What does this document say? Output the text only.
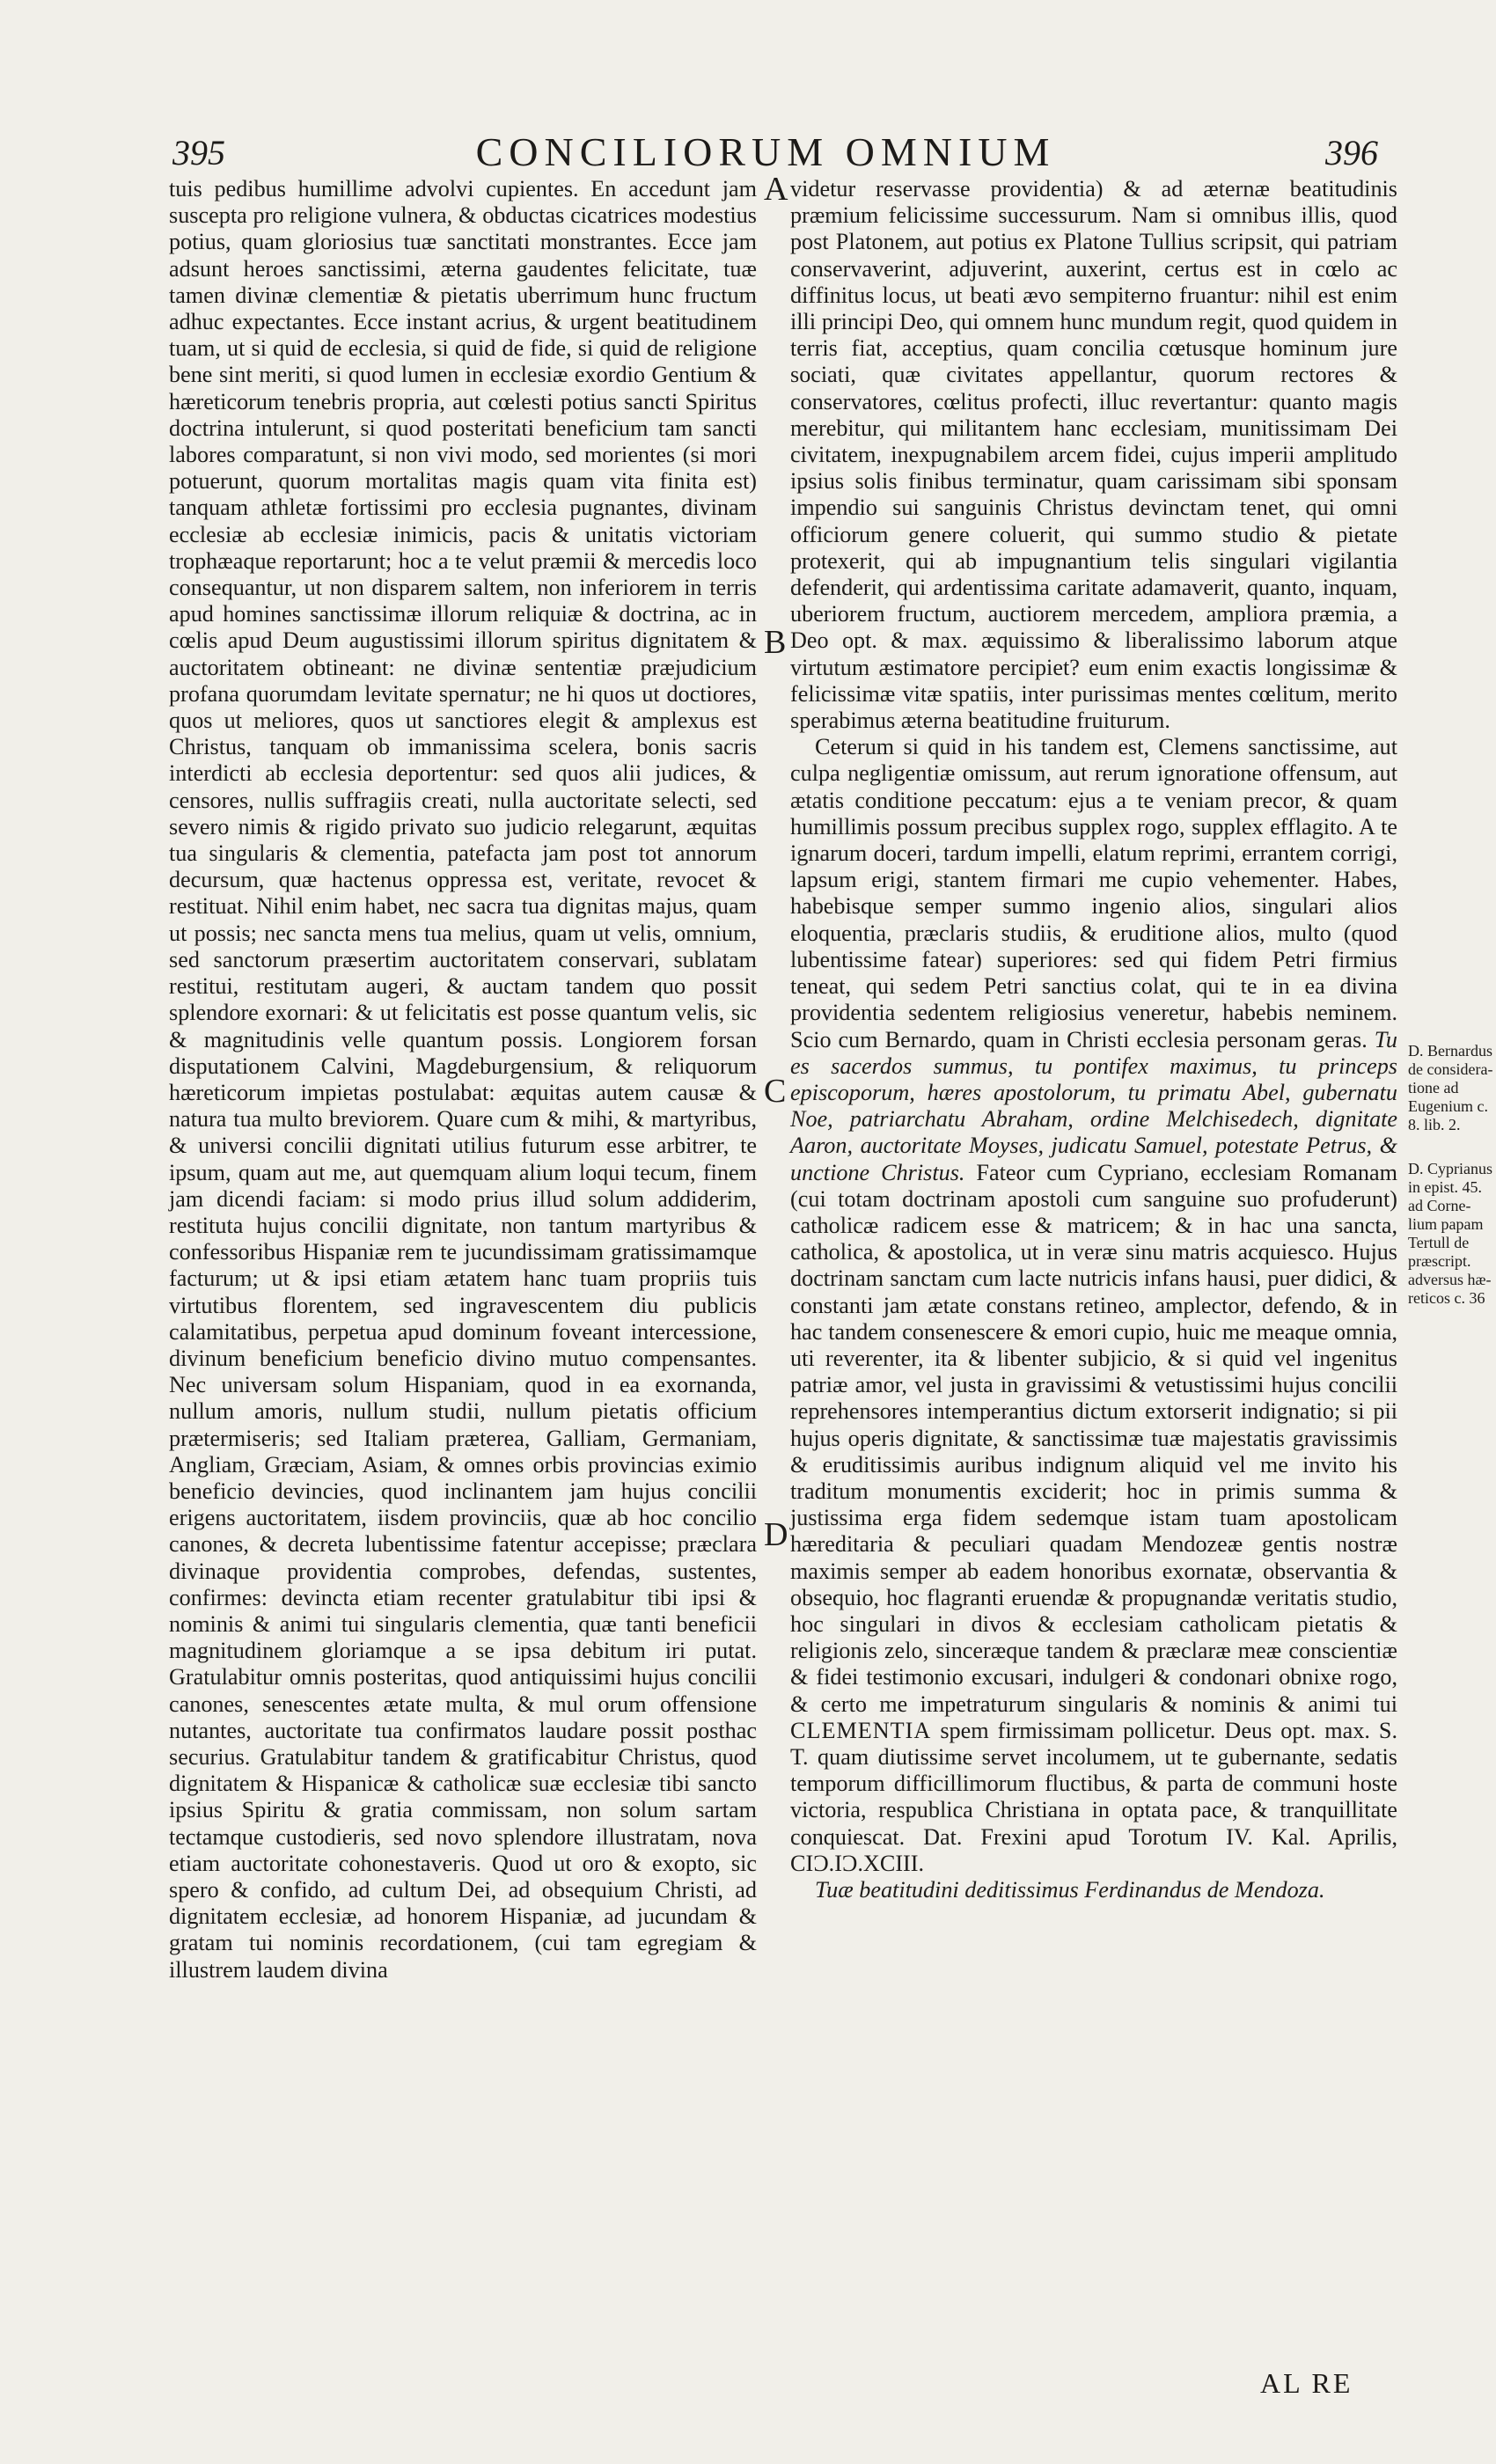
395	CONCILIORUM OMNIUM	396

tuis pedibus humillime advolvi cupientes. En accedunt jam suscepta pro religione vulnera, & obductas cicatrices modestius potius, quam gloriosius tuæ sanctitati monstrantes. Ecce jam adsunt heroes sanctissimi, æterna gaudentes felicitate, tuæ tamen divinæ clementiæ & pietatis uberrimum hunc fructum adhuc expectantes. Ecce instant acrius, & urgent beatitudinem tuam, ut si quid de ecclesia, si quid de fide, si quid de religione bene sint meriti, si quod lumen in ecclesiæ exordio Gentium & hæreticorum tenebris propria, aut cœlesti potius sancti Spiritus doctrina intulerunt, si quod posteritati beneficium tam sancti labores comparatunt, si non vivi modo, sed morientes (si mori potuerunt, quorum mortalitas magis quam vita finita est) tanquam athletæ fortissimi pro ecclesia pugnantes, divinam ecclesiæ ab ecclesiæ inimicis, pacis & unitatis victoriam trophæaque reportarunt; hoc a te velut præmii & mercedis loco consequantur, ut non disparem saltem, non inferiorem in terris apud homines sanctissimæ illorum reliquiæ & doctrina, ac in cœlis apud Deum augustissimi illorum spiritus dignitatem & auctoritatem obtineant: ne divinæ sententiæ præjudicium profana quorumdam levitate spernatur; ne hi quos ut doctiores, quos ut meliores, quos ut sanctiores elegit & amplexus est Christus, tanquam ob immanissima scelera, bonis sacris interdicti ab ecclesia deportentur: sed quos alii judices, & censores, nullis suffragiis creati, nulla auctoritate selecti, sed severo nimis & rigido privato suo judicio relegarunt, æquitas tua singularis & clementia, patefacta jam post tot annorum decursum, quæ hactenus oppressa est, veritate, revocet & restituat. Nihil enim habet, nec sacra tua dignitas majus, quam ut possis; nec sancta mens tua melius, quam ut velis, omnium, sed sanctorum præsertim auctoritatem conservari, sublatam restitui, restitutam augeri, & auctam tandem quo possit splendore exornari: & ut felicitatis est posse quantum velis, sic & magnitudinis velle quantum possis. Longiorem forsan disputationem Calvini, Magdeburgensium, & reliquorum hæreticorum impietas postulabat: æquitas autem causæ & natura tua multo breviorem. Quare cum & mihi, & martyribus, & universi concilii dignitati utilius futurum esse arbitrer, te ipsum, quam aut me, aut quemquam alium loqui tecum, finem jam dicendi faciam: si modo prius illud solum addiderim, restituta hujus concilii dignitate, non tantum martyribus & confessoribus Hispaniæ rem te jucundissimam gratissimamque facturum; ut & ipsi etiam ætatem hanc tuam propriis tuis virtutibus florentem, sed ingravescentem diu publicis calamitatibus, perpetua apud dominum foveant intercessione, divinum beneficium beneficio divino mutuo compensantes. Nec universam solum Hispaniam, quod in ea exornanda, nullum amoris, nullum studii, nullum pietatis officium prætermiseris; sed Italiam præterea, Galliam, Germaniam, Angliam, Græciam, Asiam, & omnes orbis provincias eximio beneficio devincies, quod inclinantem jam hujus concilii erigens auctoritatem, iisdem provinciis, quæ ab hoc concilio canones, & decreta lubentissime fatentur accepisse; præclara divinaque providentia comprobes, defendas, sustentes, confirmes: devincta etiam recenter gratulabitur tibi ipsi & nominis & animi tui singularis clementia, quæ tanti beneficii magnitudinem gloriamque a se ipsa debitum iri putat. Gratulabitur omnis posteritas, quod antiquissimi hujus concilii canones, senescentes ætate multa, & mul orum offensione nutantes, auctoritate tua confirmatos laudare possit posthac securius. Gratulabitur tandem & gratificabitur Christus, quod dignitatem & Hispanicæ & catholicæ suæ ecclesiæ tibi sancto ipsius Spiritu & gratia commissam, non solum sartam tectamque custodieris, sed novo splendore illustratam, nova etiam auctoritate cohonestaveris. Quod ut oro & exopto, sic spero & confido, ad cultum Dei, ad obsequium Christi, ad dignitatem ecclesiæ, ad honorem Hispaniæ, ad jucundam & gratam tui nominis recordationem, (cui tam egregiam & illustrem laudem divina

videtur reservasse providentia) & ad æternæ beatitudinis præmium felicissime successurum. Nam si omnibus illis, quod post Platonem, aut potius ex Platone Tullius scripsit, qui patriam conservaverint, adjuverint, auxerint, certus est in cœlo ac diffinitus locus, ut beati ævo sempiterno fruantur: nihil est enim illi principi Deo, qui omnem hunc mundum regit, quod quidem in terris fiat, acceptius, quam concilia cœtusque hominum jure sociati, quæ civitates appellantur, quorum rectores & conservatores, cœlitus profecti, illuc revertantur: quanto magis merebitur, qui militantem hanc ecclesiam, munitissimam Dei civitatem, inexpugnabilem arcem fidei, cujus imperii amplitudo ipsius solis finibus terminatur, quam carissimam sibi sponsam impendio sui sanguinis Christus devinctam tenet, qui omni officiorum genere coluerit, qui summo studio & pietate protexerit, qui ab impugnantium telis singulari vigilantia defenderit, qui ardentissima caritate adamaverit, quanto, inquam, uberiorem fructum, auctiorem mercedem, ampliora præmia, a Deo opt. & max. æquissimo & liberalissimo laborum atque virtutum æstimatore percipiet? eum enim exactis longissimæ & felicissimæ vitæ spatiis, inter purissimas mentes cœlitum, merito sperabimus æterna beatitudine fruiturum.

Ceterum si quid in his tandem est, Clemens sanctissime, aut culpa negligentiæ omissum, aut rerum ignoratione offensum, aut ætatis conditione peccatum: ejus a te veniam precor, & quam humillimis possum precibus supplex rogo, supplex efflagito. A te ignarum doceri, tardum impelli, elatum reprimi, errantem corrigi, lapsum erigi, stantem firmari me cupio vehementer. Habes, habebisque semper summo ingenio alios, singulari alios eloquentia, præclaris studiis, & eruditione alios, multo (quod lubentissime fatear) superiores: sed qui fidem Petri firmius teneat, qui sedem Petri sanctius colat, qui te in ea divina providentia sedentem religiosius veneretur, habebis neminem. Scio cum Bernardo, quam in Christi ecclesia personam geras. Tu es sacerdos summus, tu pontifex maximus, tu princeps episcoporum, hæres apostolorum, tu primatu Abel, gubernatu Noe, patriarchatu Abraham, ordine Melchisedech, dignitate Aaron, auctoritate Moyses, judicatu Samuel, potestate Petrus, & unctione Christus. Fateor cum Cypriano, ecclesiam Romanam (cui totam doctrinam apostoli cum sanguine suo profuderunt) catholicæ radicem esse & matricem; & in hac una sancta, catholica, & apostolica, ut in veræ sinu matris acquiesco. Hujus doctrinam sanctam cum lacte nutricis infans hausi, puer didici, & constanti jam ætate constans retineo, amplector, defendo, & in hac tandem consenescere & emori cupio, huic me meaque omnia, uti reverenter, ita & libenter subjicio, & si quid vel ingenitus patriæ amor, vel justa in gravissimi & vetustissimi hujus concilii reprehensores intemperantius dictum extorserit indignatio; si pii hujus operis dignitate, & sanctissimæ tuæ majestatis gravissimis & eruditissimis auribus indignum aliquid vel me invito his traditum monumentis exciderit; hoc in primis summa & justissima erga fidem sedemque istam tuam apostolicam hæreditaria & peculiari quadam Mendozeæ gentis nostræ maximis semper ab eadem honoribus exornatæ, observantia & obsequio, hoc flagranti eruendæ & propugnandæ veritatis studio, hoc singulari in divos & ecclesiam catholicam pietatis & religionis zelo, sinceræque tandem & præclaræ meæ conscientiæ & fidei testimonio excusari, indulgeri & condonari obnixe rogo, & certo me impetraturum singularis & nominis & animi tui CLEMENTIA spem firmissimam pollicetur. Deus opt. max. S. T. quam diutissime servet incolumem, ut te gubernante, sedatis temporum difficillimorum fluctibus, & parta de communi hoste victoria, respublica Christiana in optata pace, & tranquillitate conquiescat. Dat. Frexini apud Torotum IV. Kal. Aprilis, CIƆ.IƆ.XCIII.

Tuæ beatitudini deditissimus Ferdinandus de Mendoza.

A
B
C
D
D. Bernardus de considera-tione ad Eugenium c. 8. lib. 2.
D. Cyprianus in epist. 45. ad Corne-lium papam Tertull de præscript. adversus hæ-reticos c. 36
AL RE
